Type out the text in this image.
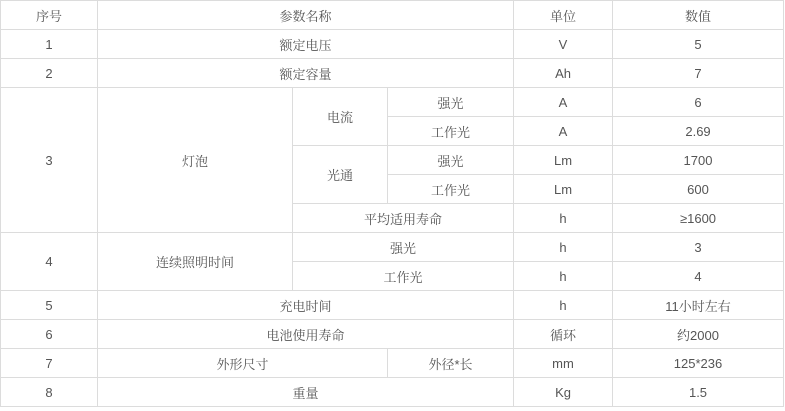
序号	参数名称			单位	数值
1	额定电压			V	5
2	额定容量			Ah	7
3	灯泡	电流	强光	A	6
			工作光	A	2.69
		光通	强光	Lm	1700
			工作光	Lm	600
		平均适用寿命		h	≥1600
4	连续照明时间	强光		h	3
		工作光		h	4
5	充电时间			h	11小时左右
6	电池使用寿命			循环	约2000
7	外形尺寸		外径*长	mm	125*236
8	重量			Kg	1.5
